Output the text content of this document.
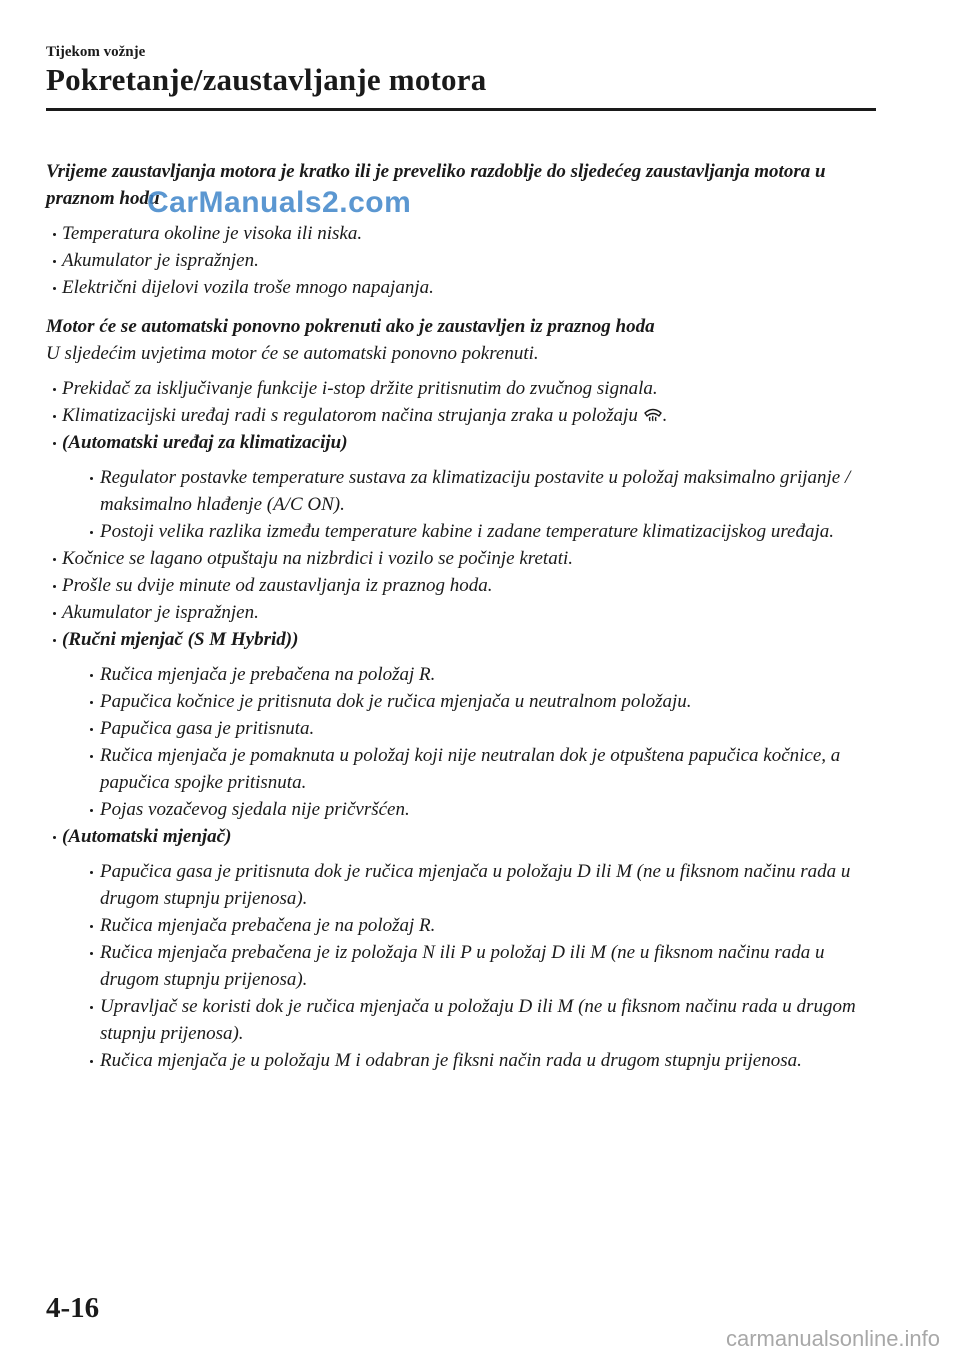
Tijekom vožnje
Pokretanje/zaustavljanje motora

Vrijeme zaustavljanja motora je kratko ili je preveliko razdoblje do sljedećeg zaustavljanja motora u praznom hodu

Temperatura okoline je visoka ili niska.
Akumulator je ispražnjen.
Električni dijelovi vozila troše mnogo napajanja.

Motor će se automatski ponovno pokrenuti ako je zaustavljen iz praznog hoda

U sljedećim uvjetima motor će se automatski ponovno pokrenuti.

Prekidač za isključivanje funkcije i-stop držite pritisnutim do zvučnog signala.
Klimatizacijski uređaj radi s regulatorom načina strujanja zraka u položaju .
(Automatski uređaj za klimatizaciju)
Regulator postavke temperature sustava za klimatizaciju postavite u položaj maksimalno grijanje / maksimalno hlađenje (A/C ON).
Postoji velika razlika između temperature kabine i zadane temperature klimatizacijskog uređaja.
Kočnice se lagano otpuštaju na nizbrdici i vozilo se počinje kretati.
Prošle su dvije minute od zaustavljanja iz praznog hoda.
Akumulator je ispražnjen.
(Ručni mjenjač (S M Hybrid))
Ručica mjenjača je prebačena na položaj R.
Papučica kočnice je pritisnuta dok je ručica mjenjača u neutralnom položaju.
Papučica gasa je pritisnuta.
Ručica mjenjača je pomaknuta u položaj koji nije neutralan dok je otpuštena papučica kočnice, a papučica spojke pritisnuta.
Pojas vozačevog sjedala nije pričvršćen.
(Automatski mjenjač)
Papučica gasa je pritisnuta dok je ručica mjenjača u položaju D ili M (ne u fiksnom načinu rada u drugom stupnju prijenosa).
Ručica mjenjača prebačena je na položaj R.
Ručica mjenjača prebačena je iz položaja N ili P u položaj D ili M (ne u fiksnom načinu rada u drugom stupnju prijenosa).
Upravljač se koristi dok je ručica mjenjača u položaju D ili M (ne u fiksnom načinu rada u drugom stupnju prijenosa).
Ručica mjenjača je u položaju M i odabran je fiksni način rada u drugom stupnju prijenosa.
CarManuals2.com
4-16
carmanualsonline.info
